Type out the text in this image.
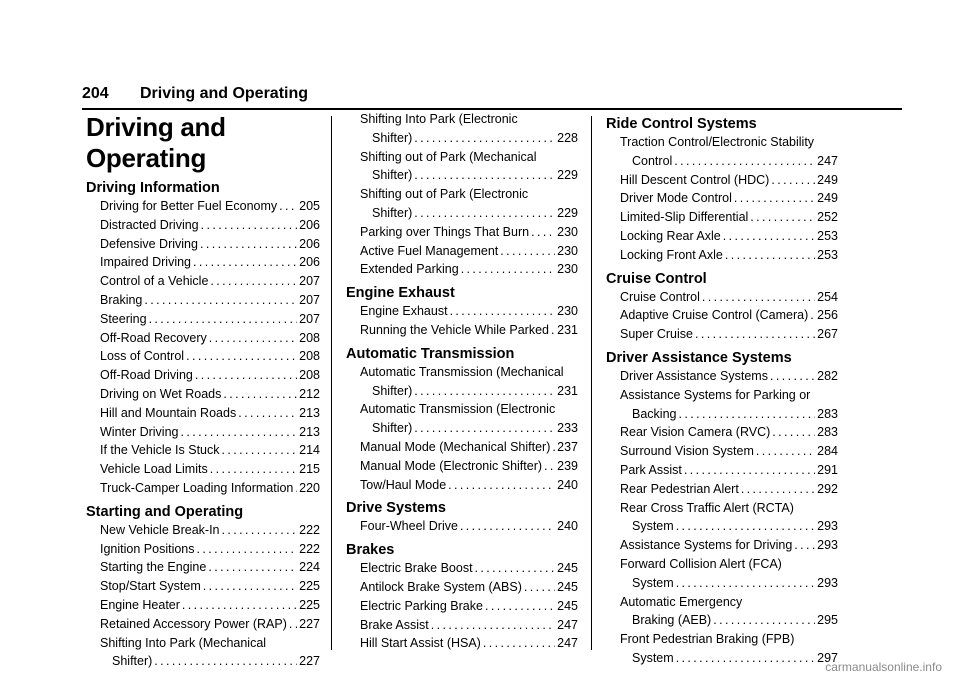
204 Driving and Operating
Driving and Operating
Driving Information
Driving for Better Fuel Economy ..... 205
Distracted Driving .....	206
Defensive Driving .....	206
Impaired Driving .....	206
Control of a Vehicle .....	207
Braking .....	207
Steering .....	207
Off-Road Recovery .....	208
Loss of Control .....	208
Off-Road Driving .....	208
Driving on Wet Roads .....	212
Hill and Mountain Roads .....	213
Winter Driving .....	213
If the Vehicle Is Stuck .....	214
Vehicle Load Limits .....	215
Truck-Camper Loading Information ..... 220
Starting and Operating
New Vehicle Break-In .....	222
Ignition Positions .....	222
Starting the Engine .....	224
Stop/Start System .....	225
Engine Heater .....	225
Retained Accessory Power (RAP) ..... 227
Shifting Into Park (Mechanical
Shifter) .....	227
Shifting Into Park (Electronic
Shifter) .....	228
Shifting out of Park (Mechanical
Shifter) .....	229
Shifting out of Park (Electronic
Shifter) .....	229
Parking over Things That Burn ..... 230
Active Fuel Management .....	230
Extended Parking .....	230
Engine Exhaust
Engine Exhaust .....	230
Running the Vehicle While Parked ..... 231
Automatic Transmission
Automatic Transmission (Mechanical
Shifter) .....	231
Automatic Transmission (Electronic
Shifter) .....	233
Manual Mode (Mechanical Shifter) ..... 237
Manual Mode (Electronic Shifter) ..... 239
Tow/Haul Mode .....	240
Drive Systems
Four-Wheel Drive .....	240
Brakes
Electric Brake Boost .....	245
Antilock Brake System (ABS) .....	245
Electric Parking Brake .....	245
Brake Assist .....	247
Hill Start Assist (HSA) .....	247
Ride Control Systems
Traction Control/Electronic Stability
Control .....	247
Hill Descent Control (HDC) .....	249
Driver Mode Control .....	249
Limited-Slip Differential .....	252
Locking Rear Axle .....	253
Locking Front Axle .....	253
Cruise Control
Cruise Control .....	254
Adaptive Cruise Control (Camera) ..... 256
Super Cruise .....	267
Driver Assistance Systems
Driver Assistance Systems .....	282
Assistance Systems for Parking or
Backing .....	283
Rear Vision Camera (RVC) .....	283
Surround Vision System .....	284
Park Assist .....	291
Rear Pedestrian Alert .....	292
Rear Cross Traffic Alert (RCTA)
System .....	293
Assistance Systems for Driving ..... 293
Forward Collision Alert (FCA)
System .....	293
Automatic Emergency
Braking (AEB) .....	295
Front Pedestrian Braking (FPB)
System .....	297
carmanualsonline.info
